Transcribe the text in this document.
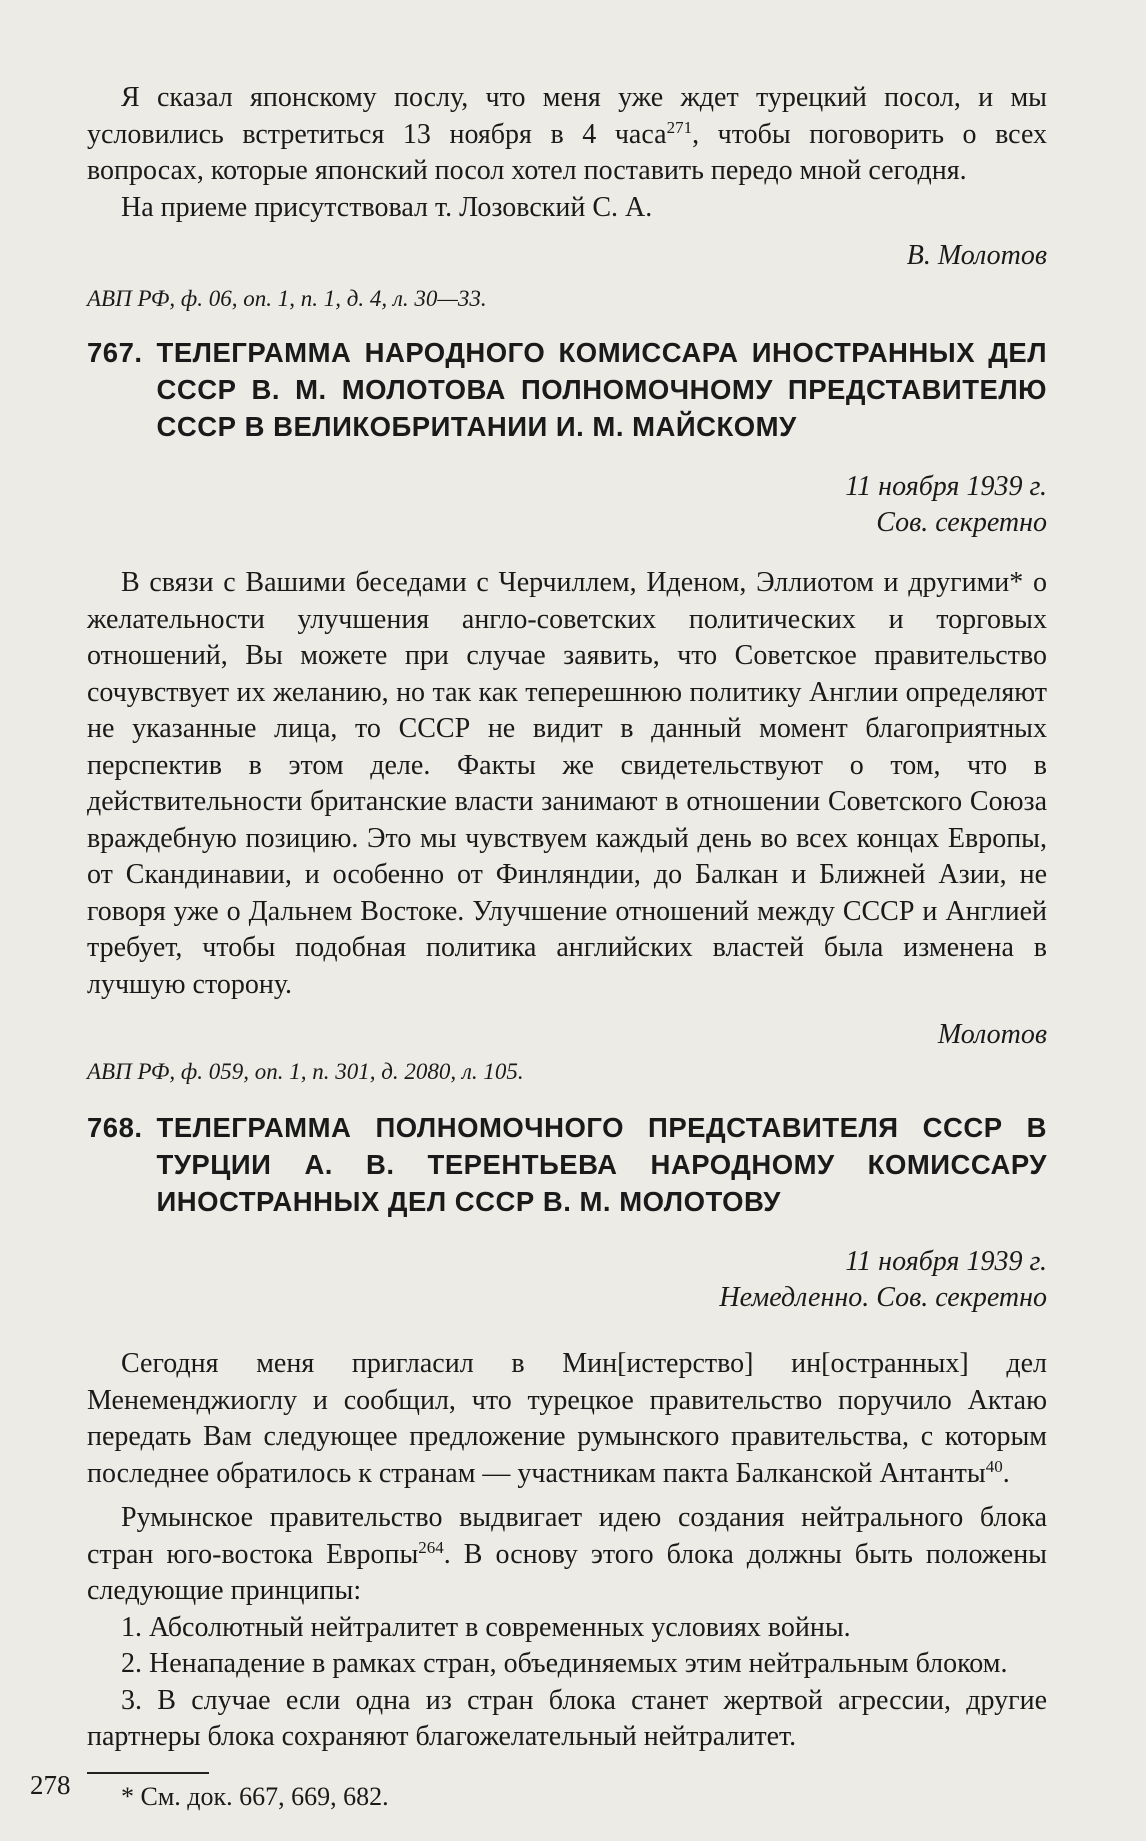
Я сказал японскому послу, что меня уже ждет турецкий посол, и мы условились встретиться 13 ноября в 4 часа$^{271}$, чтобы поговорить о всех вопросах, которые японский посол хотел поставить передо мной сегодня.

На приеме присутствовал т. Лозовский С. А.

В. Молотов
АВП РФ, ф. 06, оп. 1, п. 1, д. 4, л. 30—33.
767. ТЕЛЕГРАММА НАРОДНОГО КОМИССАРА ИНОСТРАННЫХ ДЕЛ СССР В. М. МОЛОТОВА ПОЛНОМОЧНОМУ ПРЕДСТАВИТЕЛЮ СССР В ВЕЛИКОБРИТАНИИ И. М. МАЙСКОМУ
11 ноября 1939 г.
Сов. секретно

В связи с Вашими беседами с Черчиллем, Иденом, Эллиотом и другими* о желательности улучшения англо-советских политических и торговых отношений, Вы можете при случае заявить, что Советское правительство сочувствует их желанию, но так как теперешнюю политику Англии определяют не указанные лица, то СССР не видит в данный момент благоприятных перспектив в этом деле. Факты же свидетельствуют о том, что в действительности британские власти занимают в отношении Советского Союза враждебную позицию. Это мы чувствуем каждый день во всех концах Европы, от Скандинавии, и особенно от Финляндии, до Балкан и Ближней Азии, не говоря уже о Дальнем Востоке. Улучшение отношений между СССР и Англией требует, чтобы подобная политика английских властей была изменена в лучшую сторону.

Молотов
АВП РФ, ф. 059, оп. 1, п. 301, д. 2080, л. 105.
768. ТЕЛЕГРАММА ПОЛНОМОЧНОГО ПРЕДСТАВИТЕЛЯ СССР В ТУРЦИИ А. В. ТЕРЕНТЬЕВА НАРОДНОМУ КОМИССАРУ ИНОСТРАННЫХ ДЕЛ СССР В. М. МОЛОТОВУ
11 ноября 1939 г.
Немедленно. Сов. секретно

Сегодня меня пригласил в Мин[истерство] ин[остранных] дел Менеменджиоглу и сообщил, что турецкое правительство поручило Актаю передать Вам следующее предложение румынского правительства, с которым последнее обратилось к странам — участникам пакта Балканской Антанты$^{40}$.

Румынское правительство выдвигает идею создания нейтрального блока стран юго-востока Европы$^{264}$. В основу этого блока должны быть положены следующие принципы:

1. Абсолютный нейтралитет в современных условиях войны.

2. Ненападение в рамках стран, объединяемых этим нейтральным блоком.

3. В случае если одна из стран блока станет жертвой агрессии, другие партнеры блока сохраняют благожелательный нейтралитет.

* См. док. 667, 669, 682.
278
